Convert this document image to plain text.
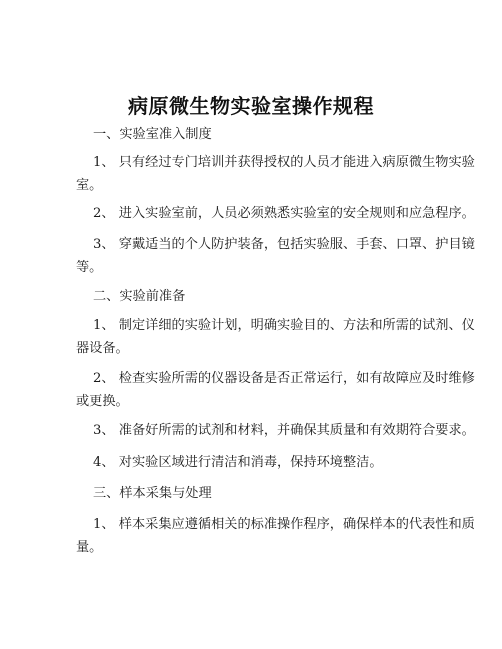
病原微生物实验室操作规程
一、实验室准入制度
1、 只有经过专门培训并获得授权的人员才能进入病原微生物实验
室。
2、 进入实验室前，人员必须熟悉实验室的安全规则和应急程序。
3、 穿戴适当的个人防护装备，包括实验服、手套、口罩、护目镜
等。
二、实验前准备
1、 制定详细的实验计划，明确实验目的、方法和所需的试剂、仪
器设备。
2、 检查实验所需的仪器设备是否正常运行，如有故障应及时维修
或更换。
3、 准备好所需的试剂和材料，并确保其质量和有效期符合要求。
4、 对实验区域进行清洁和消毒，保持环境整洁。
三、样本采集与处理
1、 样本采集应遵循相关的标准操作程序，确保样本的代表性和质
量。
